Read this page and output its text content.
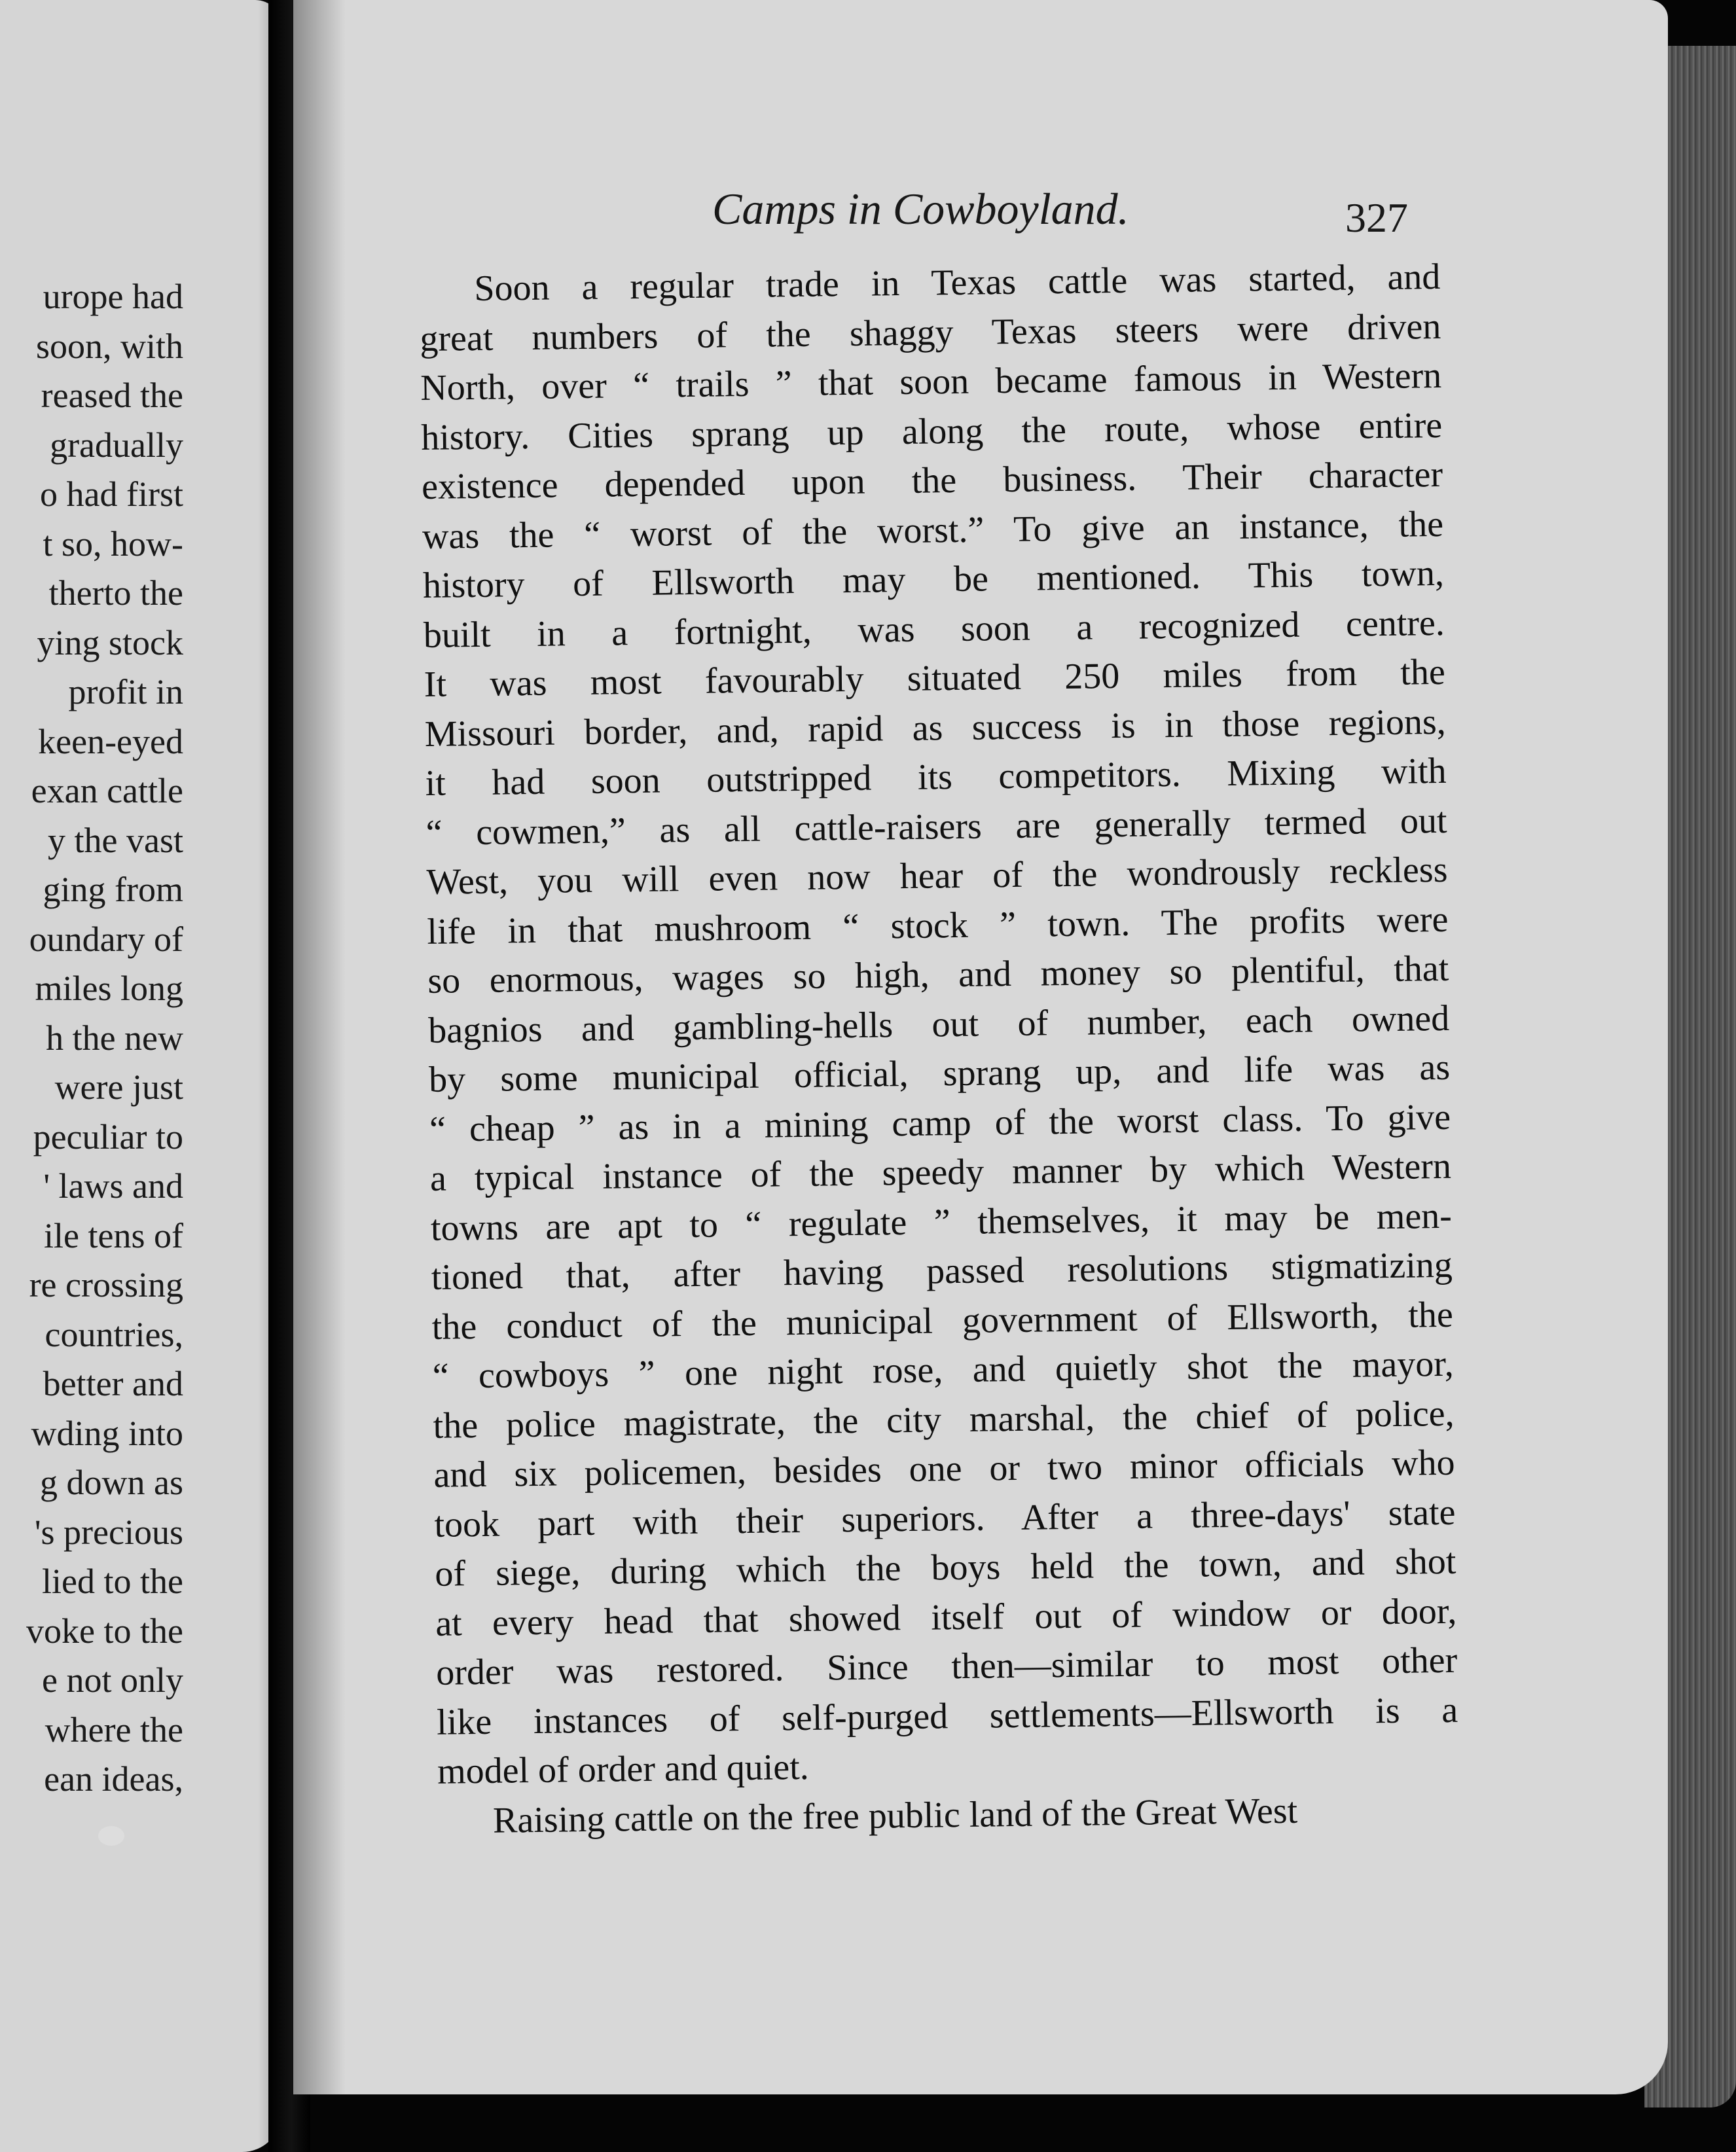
urope had
soon, with
reased the
gradually
o had first
t so, how-
therto the
ying stock
profit in
keen-eyed
exan cattle
y the vast
ging from
oundary of
miles long
h the new
were just
peculiar to
' laws and
ile tens of
re crossing
countries,
better and
wding into
g down as
's precious
lied to the
voke to the
e not only
where the
ean ideas,
Camps in Cowboyland.	327
Soon a regular trade in Texas cattle was started, and
great numbers of the shaggy Texas steers were driven
North, over “ trails ” that soon became famous in Western
history. Cities sprang up along the route, whose entire
existence depended upon the business. Their character
was the “ worst of the worst.” To give an instance, the
history of Ellsworth may be mentioned. This town,
built in a fortnight, was soon a recognized centre.
It was most favourably situated 250 miles from the
Missouri border, and, rapid as success is in those regions,
it had soon outstripped its competitors. Mixing with
“ cowmen,” as all cattle-raisers are generally termed out
West, you will even now hear of the wondrously reckless
life in that mushroom “ stock ” town. The profits were
so enormous, wages so high, and money so plentiful, that
bagnios and gambling-hells out of number, each owned
by some municipal official, sprang up, and life was as
“ cheap ” as in a mining camp of the worst class. To give
a typical instance of the speedy manner by which Western
towns are apt to “ regulate ” themselves, it may be men-
tioned that, after having passed resolutions stigmatizing
the conduct of the municipal government of Ellsworth, the
“ cowboys ” one night rose, and quietly shot the mayor,
the police magistrate, the city marshal, the chief of police,
and six policemen, besides one or two minor officials who
took part with their superiors. After a three-days' state
of siege, during which the boys held the town, and shot
at every head that showed itself out of window or door,
order was restored. Since then—similar to most other
like instances of self-purged settlements—Ellsworth is a
model of order and quiet.
Raising cattle on the free public land of the Great West
